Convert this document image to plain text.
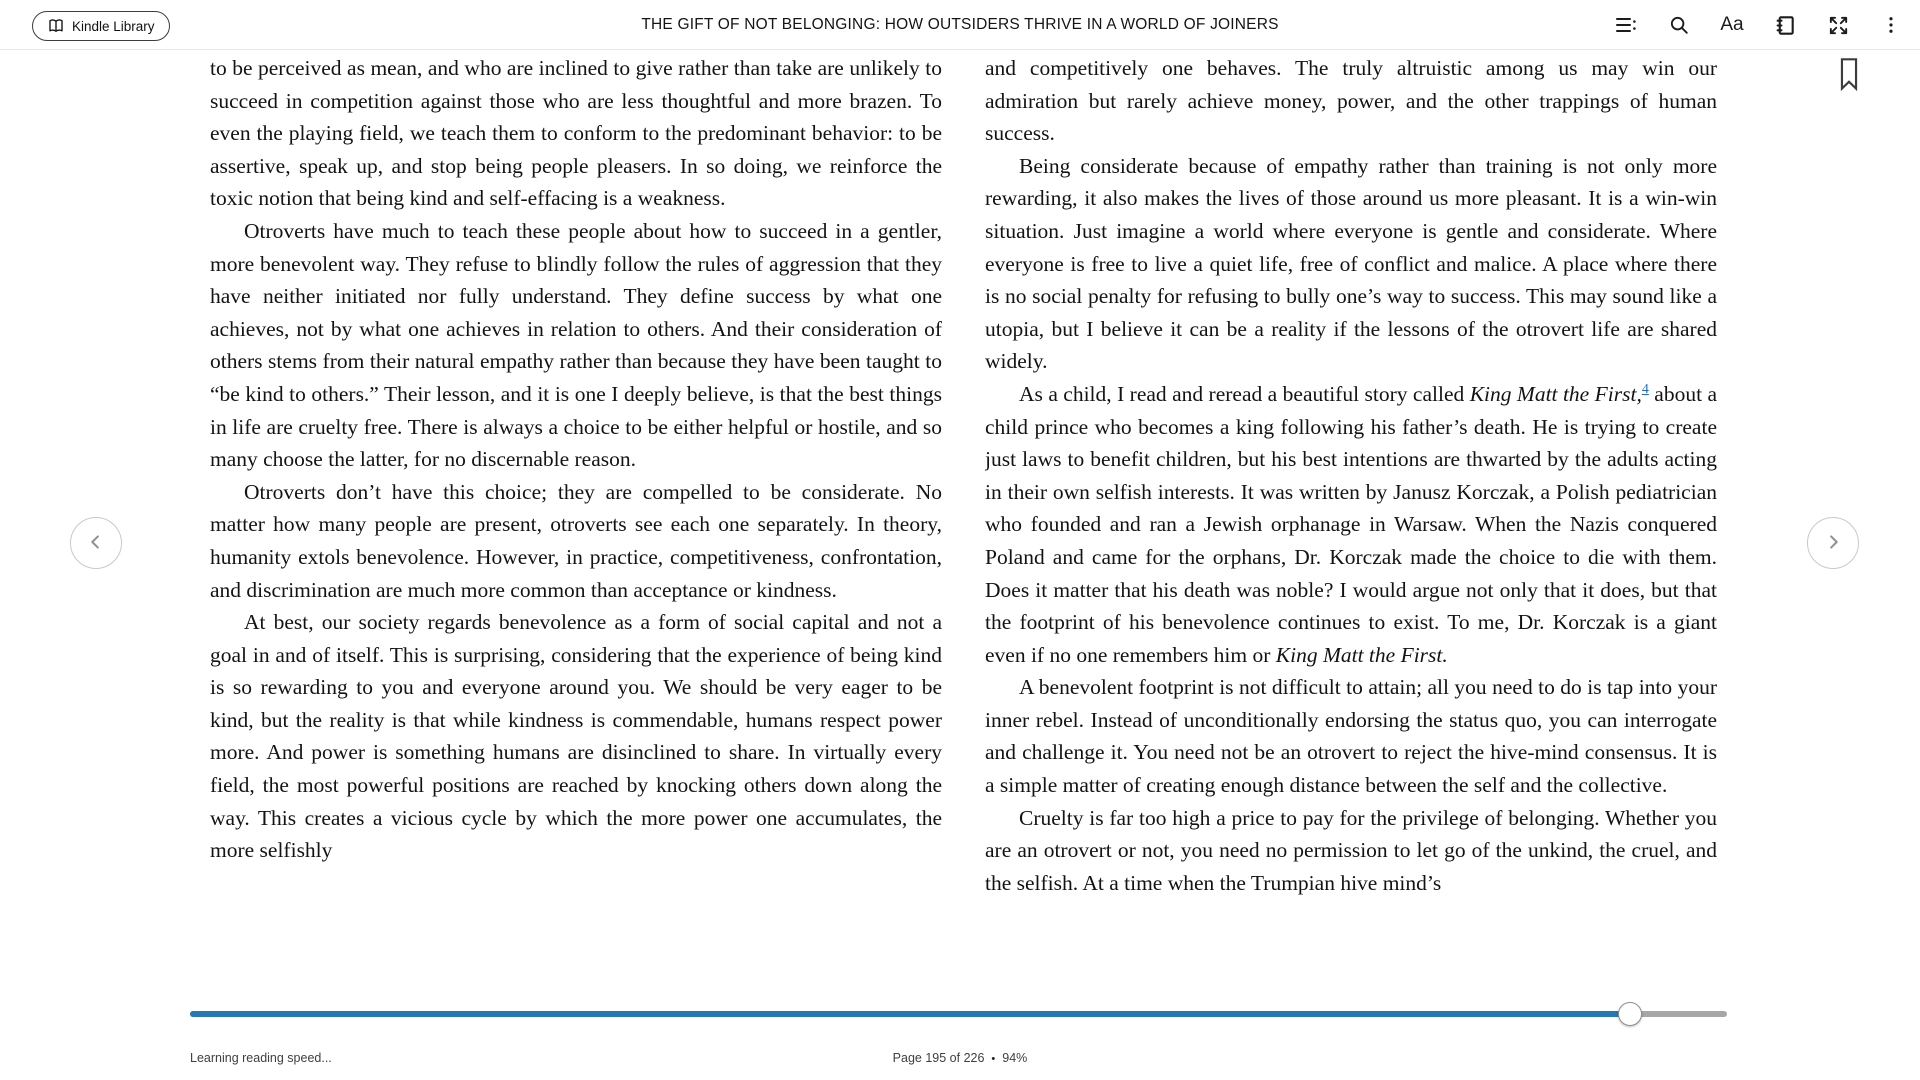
Kindle Library	THE GIFT OF NOT BELONGING: HOW OUTSIDERS THRIVE IN A WORLD OF JOINERS	Aa

to be perceived as mean, and who are inclined to give rather than take are unlikely to succeed in competition against those who are less thoughtful and more brazen. To even the playing field, we teach them to conform to the predominant behavior: to be assertive, speak up, and stop being people pleasers. In so doing, we reinforce the toxic notion that being kind and self-effacing is a weakness.

Otroverts have much to teach these people about how to succeed in a gentler, more benevolent way. They refuse to blindly follow the rules of aggression that they have neither initiated nor fully understand. They define success by what one achieves, not by what one achieves in relation to others. And their consideration of others stems from their natural empathy rather than because they have been taught to “be kind to others.” Their lesson, and it is one I deeply believe, is that the best things in life are cruelty free. There is always a choice to be either helpful or hostile, and so many choose the latter, for no discernable reason.

Otroverts don’t have this choice; they are compelled to be considerate. No matter how many people are present, otroverts see each one separately. In theory, humanity extols benevolence. However, in practice, competitiveness, confrontation, and discrimination are much more common than acceptance or kindness.

At best, our society regards benevolence as a form of social capital and not a goal in and of itself. This is surprising, considering that the experience of being kind is so rewarding to you and everyone around you. We should be very eager to be kind, but the reality is that while kindness is commendable, humans respect power more. And power is something humans are disinclined to share. In virtually every field, the most powerful positions are reached by knocking others down along the way. This creates a vicious cycle by which the more power one accumulates, the more selfishly

and competitively one behaves. The truly altruistic among us may win our admiration but rarely achieve money, power, and the other trappings of human success.

Being considerate because of empathy rather than training is not only more rewarding, it also makes the lives of those around us more pleasant. It is a win-win situation. Just imagine a world where everyone is gentle and considerate. Where everyone is free to live a quiet life, free of conflict and malice. A place where there is no social penalty for refusing to bully one’s way to success. This may sound like a utopia, but I believe it can be a reality if the lessons of the otrovert life are shared widely.

As a child, I read and reread a beautiful story called King Matt the First,$^4$ about a child prince who becomes a king following his father’s death. He is trying to create just laws to benefit children, but his best intentions are thwarted by the adults acting in their own selfish interests. It was written by Janusz Korczak, a Polish pediatrician who founded and ran a Jewish orphanage in Warsaw. When the Nazis conquered Poland and came for the orphans, Dr. Korczak made the choice to die with them. Does it matter that his death was noble? I would argue not only that it does, but that the footprint of his benevolence continues to exist. To me, Dr. Korczak is a giant even if no one remembers him or King Matt the First.

A benevolent footprint is not difficult to attain; all you need to do is tap into your inner rebel. Instead of unconditionally endorsing the status quo, you can interrogate and challenge it. You need not be an otrovert to reject the hive-mind consensus. It is a simple matter of creating enough distance between the self and the collective.

Cruelty is far too high a price to pay for the privilege of belonging. Whether you are an otrovert or not, you need no permission to let go of the unkind, the cruel, and the selfish. At a time when the Trumpian hive mind’s

Learning reading speed...	Page 195 of 226 • 94%
